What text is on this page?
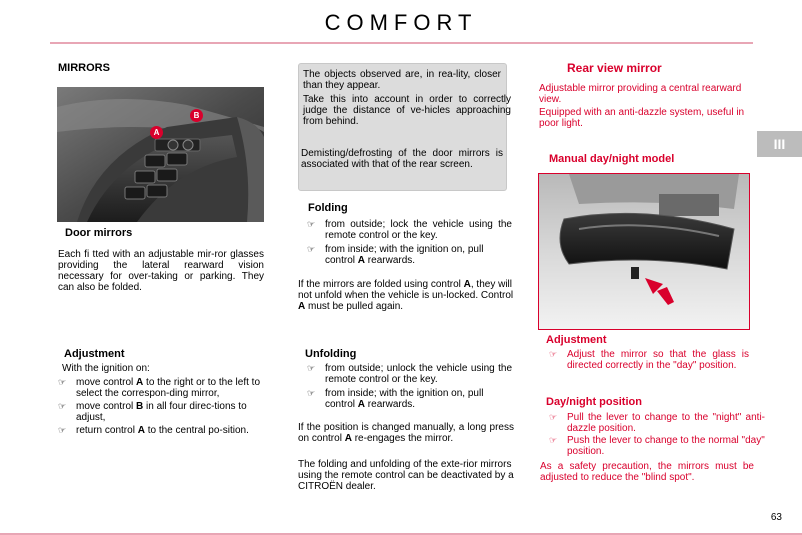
COMFORT
III
MIRRORS
A
B
Door mirrors
Each fi tted with an adjustable mir-ror glasses providing the lateral rearward vision necessary for over-taking or parking. They can also be folded.
Adjustment
With the ignition on:
☞ move control A to the right or to the left to select the correspon-ding mirror,
☞ move control B in all four direc-tions to adjust,
☞ return control A to the central po-sition.
The objects observed are, in rea-lity, closer than they appear.
Take this into account in order to correctly judge the distance of ve-hicles approaching from behind.
Demisting/defrosting of the door mirrors is associated with that of the rear screen.
Folding
☞ from outside; lock the vehicle using the remote control or the key.
☞ from inside; with the ignition on, pull control A rearwards.
If the mirrors are folded using control A, they will not unfold when the vehicle is un-locked. Control A must be pulled again.
Unfolding
☞ from outside; unlock the vehicle using the remote control or the key.
☞ from inside; with the ignition on, pull control A rearwards.
If the position is changed manually, a long press on control A re-engages the mirror.
The folding and unfolding of the exte-rior mirrors using the remote control can be deactivated by a CITROËN dealer.
Rear view mirror
Adjustable mirror providing a central rearward view.
Equipped with an anti-dazzle system, useful in poor light.
Manual day/night model
Adjustment
☞ Adjust the mirror so that the glass is directed correctly in the "day" position.
Day/night position
☞ Pull the lever to change to the "night" anti-dazzle position.
☞ Push the lever to change to the normal "day" position.
As a safety precaution, the mirrors must be adjusted to reduce the "blind spot".
63
